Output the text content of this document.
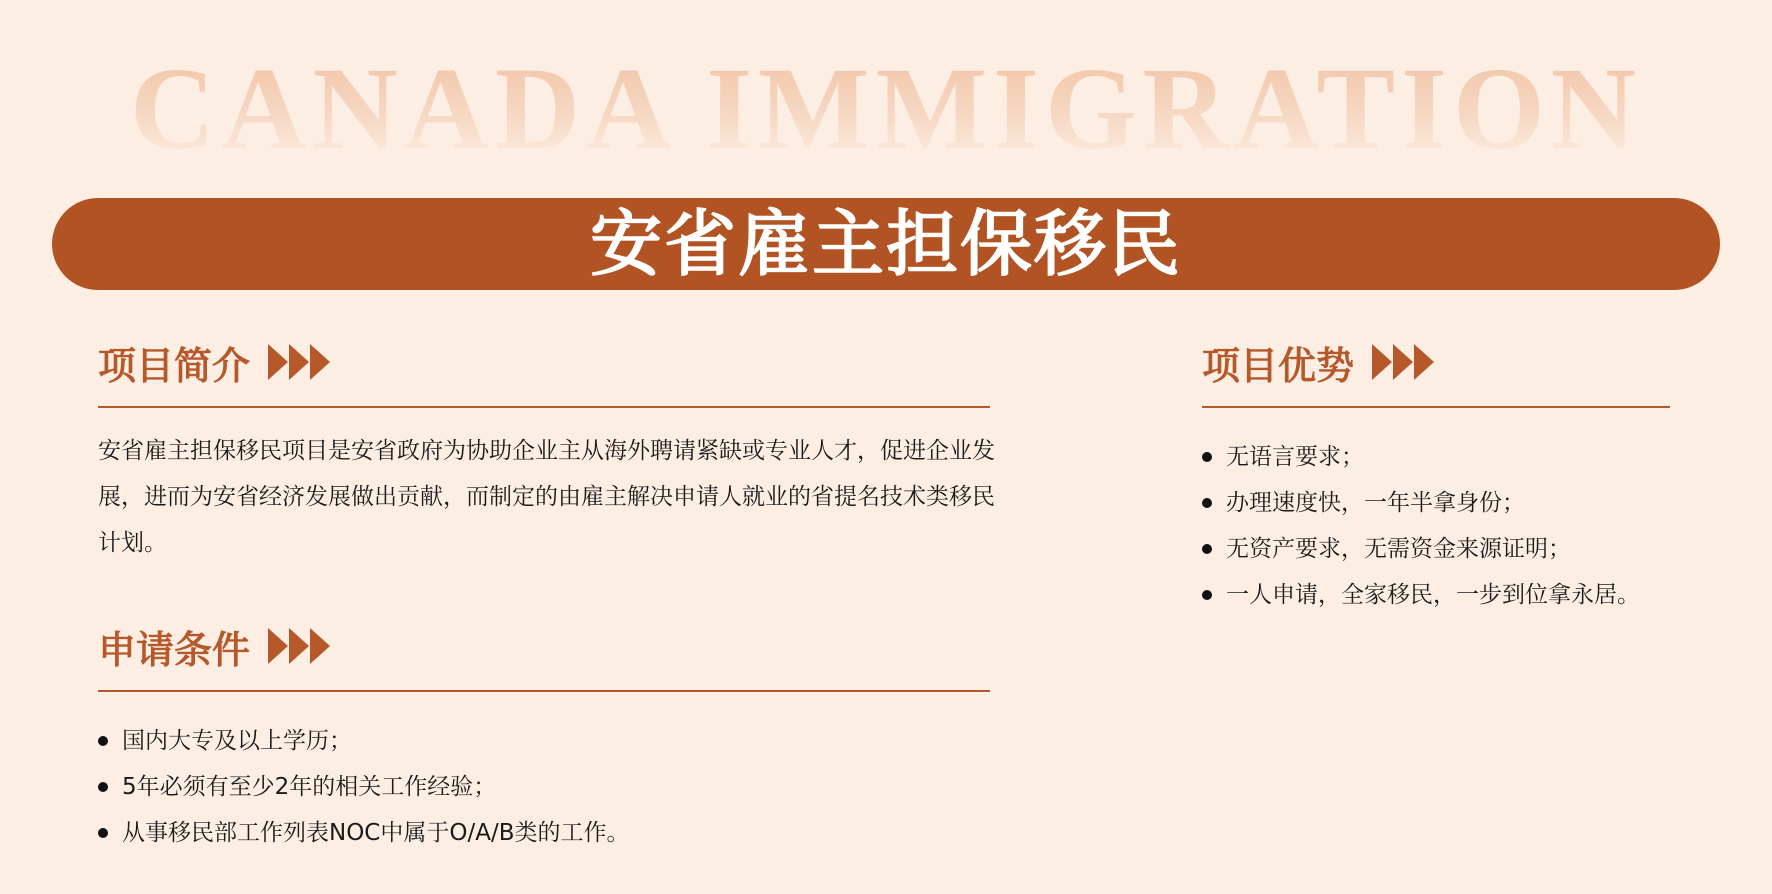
CANADA IMMIGRATION
安省雇主担保移民
项目简介
安省雇主担保移民项目是安省政府为协助企业主从海外聘请紧缺或专业人才，促进企业发展，进而为安省经济发展做出贡献，而制定的由雇主解决申请人就业的省提名技术类移民计划。
申请条件
国内大专及以上学历；
5年必须有至少2年的相关工作经验；
从事移民部工作列表NOC中属于O/A/B类的工作。
项目优势
无语言要求；
办理速度快，一年半拿身份；
无资产要求，无需资金来源证明；
一人申请，全家移民，一步到位拿永居。
